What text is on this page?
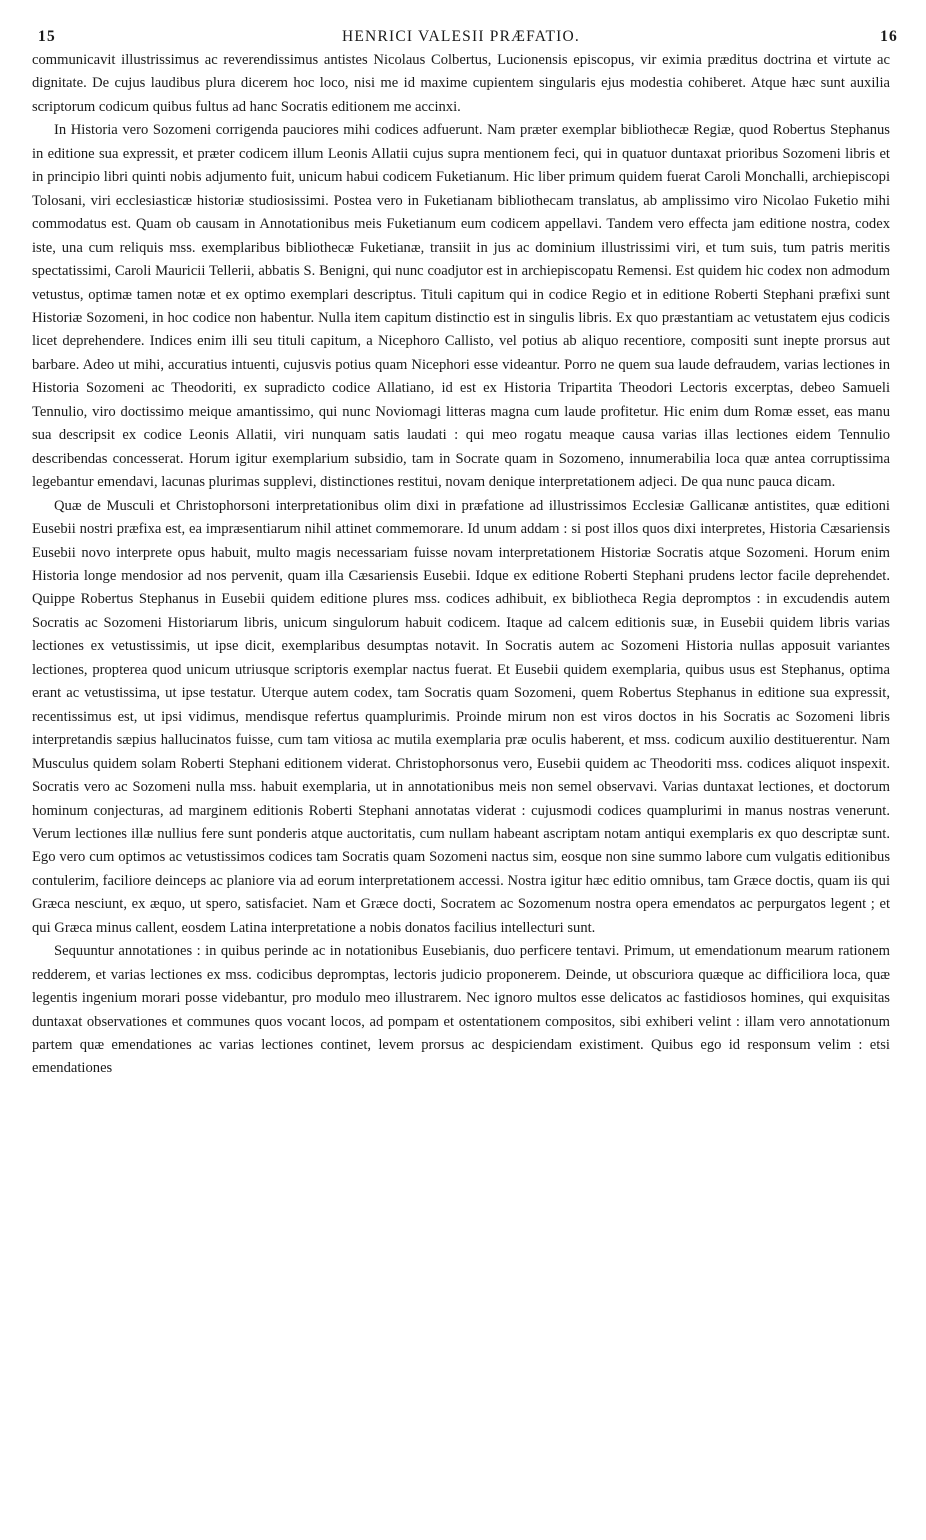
15	HENRICI VALESII PRÆFATIO.	16

communicavit illustrissimus ac reverendissimus antistes Nicolaus Colbertus, Lucionensis episcopus, vir eximia præditus doctrina et virtute ac dignitate. De cujus laudibus plura dicerem hoc loco, nisi me id maxime cupientem singularis ejus modestia cohiberet. Atque hæc sunt auxilia scriptorum codicum quibus fultus ad hanc Socratis editionem me accinxi.

In Historia vero Sozomeni corrigenda pauciores mihi codices adfuerunt. Nam præter exemplar bibliothecæ Regiæ, quod Robertus Stephanus in editione sua expressit, et præter codicem illum Leonis Allatii cujus supra mentionem feci, qui in quatuor duntaxat prioribus Sozomeni libris et in principio libri quinti nobis adjumento fuit, unicum habui codicem Fuketianum. Hic liber primum quidem fuerat Caroli Monchalli, archiepiscopi Tolosani, viri ecclesiasticæ historiæ studiosissimi. Postea vero in Fuketianam bibliothecam translatus, ab amplissimo viro Nicolao Fuketio mihi commodatus est. Quam ob causam in Annotationibus meis Fuketianum eum codicem appellavi. Tandem vero effecta jam editione nostra, codex iste, una cum reliquis mss. exemplaribus bibliothecæ Fuketianæ, transiit in jus ac dominium illustrissimi viri, et tum suis, tum patris meritis spectatissimi, Caroli Mauricii Tellerii, abbatis S. Benigni, qui nunc coadjutor est in archiepiscopatu Remensi. Est quidem hic codex non admodum vetustus, optimæ tamen notæ et ex optimo exemplari descriptus. Tituli capitum qui in codice Regio et in editione Roberti Stephani præfixi sunt Historiæ Sozomeni, in hoc codice non habentur. Nulla item capitum distinctio est in singulis libris. Ex quo præstantiam ac vetustatem ejus codicis licet deprehendere. Indices enim illi seu tituli capitum, a Nicephoro Callisto, vel potius ab aliquo recentiore, compositi sunt inepte prorsus aut barbare. Adeo ut mihi, accuratius intuenti, cujusvis potius quam Nicephori esse videantur. Porro ne quem sua laude defraudem, varias lectiones in Historia Sozomeni ac Theodoriti, ex supradicto codice Allatiano, id est ex Historia Tripartita Theodori Lectoris excerptas, debeo Samueli Tennulio, viro doctissimo meique amantissimo, qui nunc Noviomagi litteras magna cum laude profitetur. Hic enim dum Romæ esset, eas manu sua descripsit ex codice Leonis Allatii, viri nunquam satis laudati : qui meo rogatu meaque causa varias illas lectiones eidem Tennulio describendas concesserat. Horum igitur exemplarium subsidio, tam in Socrate quam in Sozomeno, innumerabilia loca quæ antea corruptissima legebantur emendavi, lacunas plurimas supplevi, distinctiones restitui, novam denique interpretationem adjeci. De qua nunc pauca dicam.

Quæ de Musculi et Christophorsoni interpretationibus olim dixi in præfatione ad illustrissimos Ecclesiæ Gallicanæ antistites, quæ editioni Eusebii nostri præfixa est, ea impræsentiarum nihil attinet commemorare. Id unum addam : si post illos quos dixi interpretes, Historia Cæsariensis Eusebii novo interprete opus habuit, multo magis necessariam fuisse novam interpretationem Historiæ Socratis atque Sozomeni. Horum enim Historia longe mendosior ad nos pervenit, quam illa Cæsariensis Eusebii. Idque ex editione Roberti Stephani prudens lector facile deprehendet. Quippe Robertus Stephanus in Eusebii quidem editione plures mss. codices adhibuit, ex bibliotheca Regia depromptos : in excudendis autem Socratis ac Sozomeni Historiarum libris, unicum singulorum habuit codicem. Itaque ad calcem editionis suæ, in Eusebii quidem libris varias lectiones ex vetustissimis, ut ipse dicit, exemplaribus desumptas notavit. In Socratis autem ac Sozomeni Historia nullas apposuit variantes lectiones, propterea quod unicum utriusque scriptoris exemplar nactus fuerat. Et Eusebii quidem exemplaria, quibus usus est Stephanus, optima erant ac vetustissima, ut ipse testatur. Uterque autem codex, tam Socratis quam Sozomeni, quem Robertus Stephanus in editione sua expressit, recentissimus est, ut ipsi vidimus, mendisque refertus quamplurimis. Proinde mirum non est viros doctos in his Socratis ac Sozomeni libris interpretandis sæpius hallucinatos fuisse, cum tam vitiosa ac mutila exemplaria præ oculis haberent, et mss. codicum auxilio destituerentur. Nam Musculus quidem solam Roberti Stephani editionem viderat. Christophorsonus vero, Eusebii quidem ac Theodoriti mss. codices aliquot inspexit. Socratis vero ac Sozomeni nulla mss. habuit exemplaria, ut in annotationibus meis non semel observavi. Varias duntaxat lectiones, et doctorum hominum conjecturas, ad marginem editionis Roberti Stephani annotatas viderat : cujusmodi codices quamplurimi in manus nostras venerunt. Verum lectiones illæ nullius fere sunt ponderis atque auctoritatis, cum nullam habeant ascriptam notam antiqui exemplaris ex quo descriptæ sunt. Ego vero cum optimos ac vetustissimos codices tam Socratis quam Sozomeni nactus sim, eosque non sine summo labore cum vulgatis editionibus contulerim, faciliore deinceps ac planiore via ad eorum interpretationem accessi. Nostra igitur hæc editio omnibus, tam Græce doctis, quam iis qui Græca nesciunt, ex æquo, ut spero, satisfaciet. Nam et Græce docti, Socratem ac Sozomenum nostra opera emendatos ac perpurgatos legent ; et qui Græca minus callent, eosdem Latina interpretatione a nobis donatos facilius intellecturi sunt.

Sequuntur annotationes : in quibus perinde ac in notationibus Eusebianis, duo perficere tentavi. Primum, ut emendationum mearum rationem redderem, et varias lectiones ex mss. codicibus depromptas, lectoris judicio proponerem. Deinde, ut obscuriora quæque ac difficiliora loca, quæ legentis ingenium morari posse videbantur, pro modulo meo illustrarem. Nec ignoro multos esse delicatos ac fastidiosos homines, qui exquisitas duntaxat observationes et communes quos vocant locos, ad pompam et ostentationem compositos, sibi exhiberi velint : illam vero annotationum partem quæ emendationes ac varias lectiones continet, levem prorsus ac despiciendam existiment. Quibus ego id responsum velim : etsi emendationes
